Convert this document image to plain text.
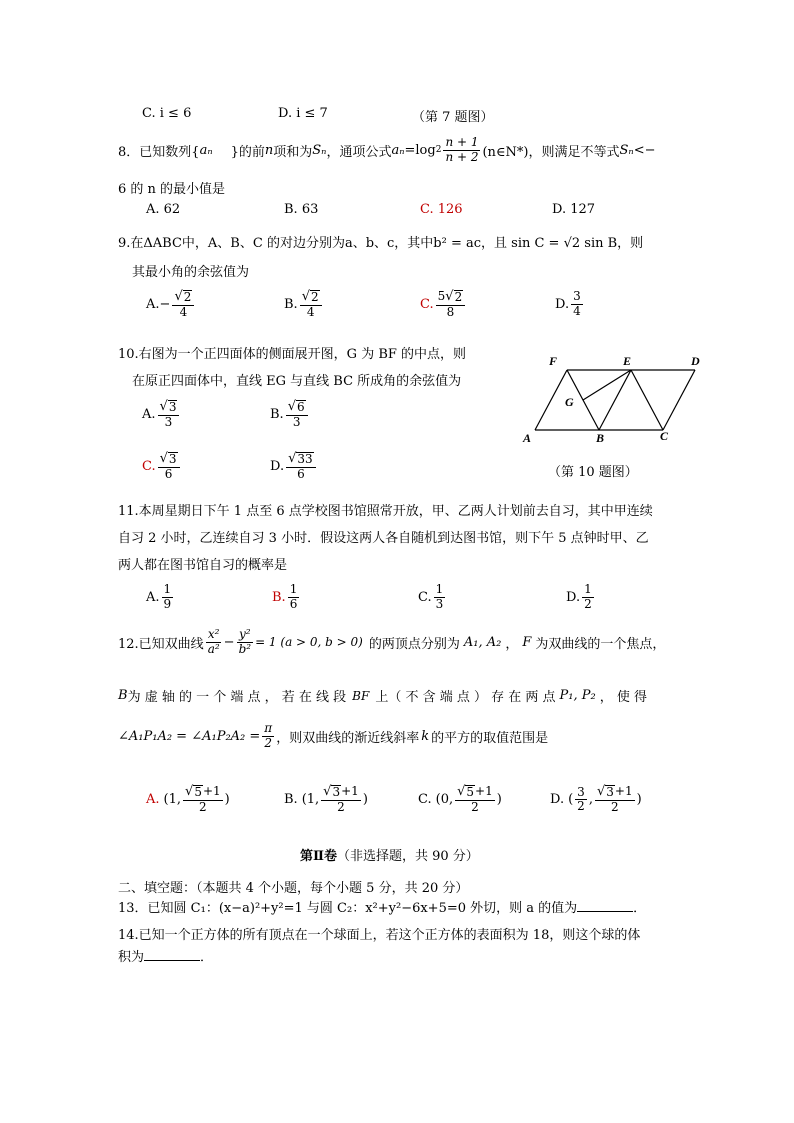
C. i ≤ 6	D. i ≤ 7	（第 7 题图）
8． 已知数列{ aₙ }的前 n 项和为 Sₙ ，通项公式 aₙ =log $2 \frac{n + 1}{n + 2}$ (n∈N*)，则满足不等式 Sₙ <−
6 的 n 的最小值是
A. 62	B. 63	C. 126	D. 127
9.在ΔABC中，A、B、C 的对边分别为a、b、c，其中b² = ac，且 sin C = √2 sin B，则
其最小角的余弦值为
A. − $\frac{√ 2}{4}$	B. $\frac{√ 2}{4}$	C. $\frac{5 √ 2}{8}$	D. $\frac{3}{4}$
10.右图为一个正四面体的侧面展开图，G 为 BF 的中点，则
在原正四面体中，直线 EG 与直线 BC 所成角的余弦值为
A. $\frac{√ 3}{3}$	B. $\frac{√ 6}{3}$
C. $\frac{√ 3}{6}$	D. $\frac{√ 33}{6}$
F	E	D
G
A	B	C
（第 10 题图）
11.本周星期日下午 1 点至 6 点学校图书馆照常开放，甲、乙两人计划前去自习，其中甲连续
自习 2 小时，乙连续自习 3 小时．假设这两人各自随机到达图书馆，则下午 5 点钟时甲、乙
两人都在图书馆自习的概率是
A. $\frac{1}{9}$	B. $\frac{1}{6}$	C. $\frac{1}{3}$	D. $\frac{1}{2}$
12.已知双曲线 $\frac{\text{x²}}{\text{a²}} - \frac{\text{y²}}{\text{b²}} = 1$ (a > 0, b > 0) 的两顶点分别为 A₁, A₂ ， F 为双曲线的一个焦点，
B 为 虚 轴 的 一 个 端 点 ， 若 在 线 段 BF 上（ 不 含 端 点 ） 存 在 两 点 P₁, P₂ ， 使 得
∠A₁P₁A₂ = ∠A₁P₂A₂ = $\frac{\pi}{2}$ ，则双曲线的渐近线斜率 k 的平方的取值范围是
A. (1, $\frac{√ 5 +1}{2}$ )	B. (1, $\frac{√ 3 +1}{2}$ )	C. (0, $\frac{√ 5 +1}{2}$ )	D. ( $\frac{3}{2}$ , $\frac{√ 3 +1}{2}$ )
第Ⅱ卷（非选择题，共 90 分）
二、填空题：（本题共 4 个小题，每个小题 5 分，共 20 分）
13．已知圆 C₁：(x−a)²+y²=1 与圆 C₂：x²+y²−6x+5=0 外切，则 a 的值为	．
14.已知一个正方体的所有顶点在一个球面上，若这个正方体的表面积为 18，则这个球的体
积为	．
